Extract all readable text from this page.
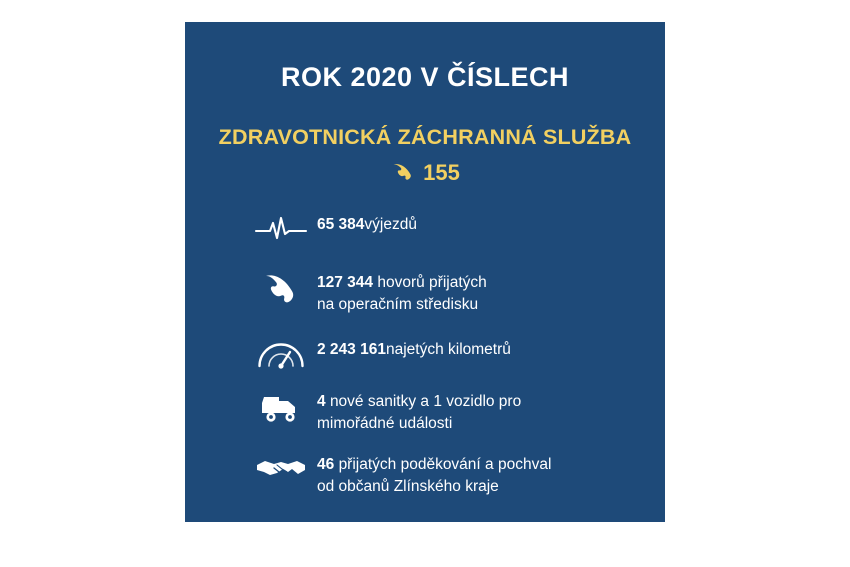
ROK 2020 V ČÍSLECH
ZDRAVOTNICKÁ ZÁCHRANNÁ SLUŽBA
155
65 384výjezdů
127 344 hovorů přijatých
na operačním středisku
2 243 161najetých kilometrů
4 nové sanitky a 1 vozidlo pro
mimořádné události
46 přijatých poděkování a pochval
od občanů Zlínského kraje
